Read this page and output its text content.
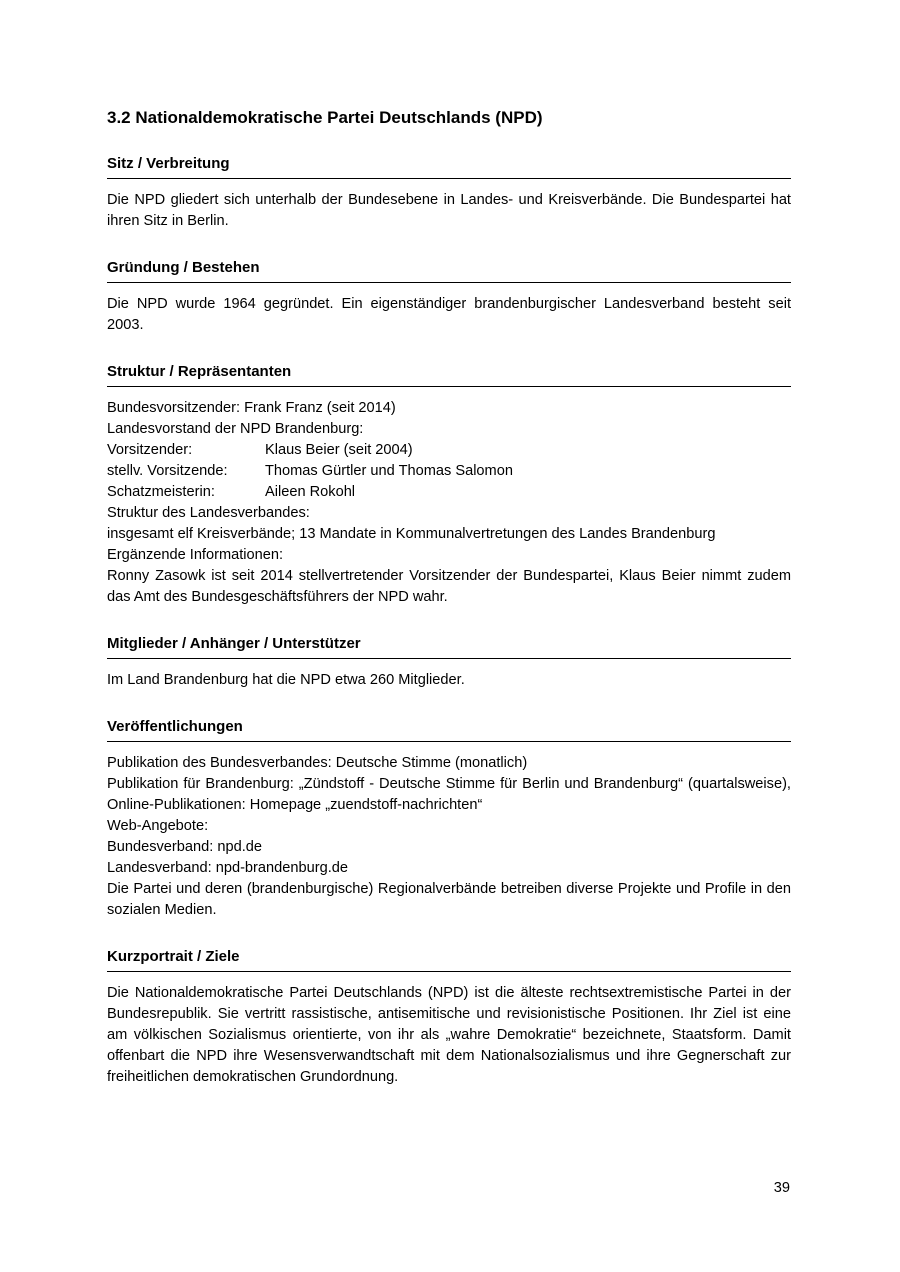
3.2 Nationaldemokratische Partei Deutschlands (NPD)
Sitz / Verbreitung

Die NPD gliedert sich unterhalb der Bundesebene in Landes- und Kreisverbände. Die Bundespartei hat ihren Sitz in Berlin.

Gründung / Bestehen

Die NPD wurde 1964 gegründet. Ein eigenständiger brandenburgischer Landesverband besteht seit 2003.

Struktur / Repräsentanten

Bundesvorsitzender: Frank Franz (seit 2014)

Landesvorstand der NPD Brandenburg:

Vorsitzender:	Klaus Beier (seit 2004)
stellv. Vorsitzende:	Thomas Gürtler und Thomas Salomon
Schatzmeisterin:	Aileen Rokohl

Struktur des Landesverbandes:

insgesamt elf Kreisverbände; 13 Mandate in Kommunalvertretungen des Landes Brandenburg

Ergänzende Informationen:

Ronny Zasowk ist seit 2014 stellvertretender Vorsitzender der Bundespartei, Klaus Beier nimmt zudem das Amt des Bundesgeschäftsführers der NPD wahr.

Mitglieder / Anhänger / Unterstützer

Im Land Brandenburg hat die NPD etwa 260 Mitglieder.

Veröffentlichungen

Publikation des Bundesverbandes: Deutsche Stimme (monatlich)

Publikation für Brandenburg: „Zündstoff - Deutsche Stimme für Berlin und Brandenburg“ (quartalsweise), Online-Publikationen: Homepage „zuendstoff-nachrichten“

Web-Angebote:

Bundesverband: npd.de

Landesverband: npd-brandenburg.de

Die Partei und deren (brandenburgische) Regionalverbände betreiben diverse Projekte und Profile in den sozialen Medien.

Kurzportrait / Ziele

Die Nationaldemokratische Partei Deutschlands (NPD) ist die älteste rechtsextremistische Partei in der Bundesrepublik. Sie vertritt rassistische, antisemitische und revisionistische Positionen. Ihr Ziel ist eine am völkischen Sozialismus orientierte, von ihr als „wahre Demokratie“ bezeichnete, Staatsform. Damit offenbart die NPD ihre Wesensverwandtschaft mit dem Nationalsozialismus und ihre Gegnerschaft zur freiheitlichen demokratischen Grundordnung.

39
